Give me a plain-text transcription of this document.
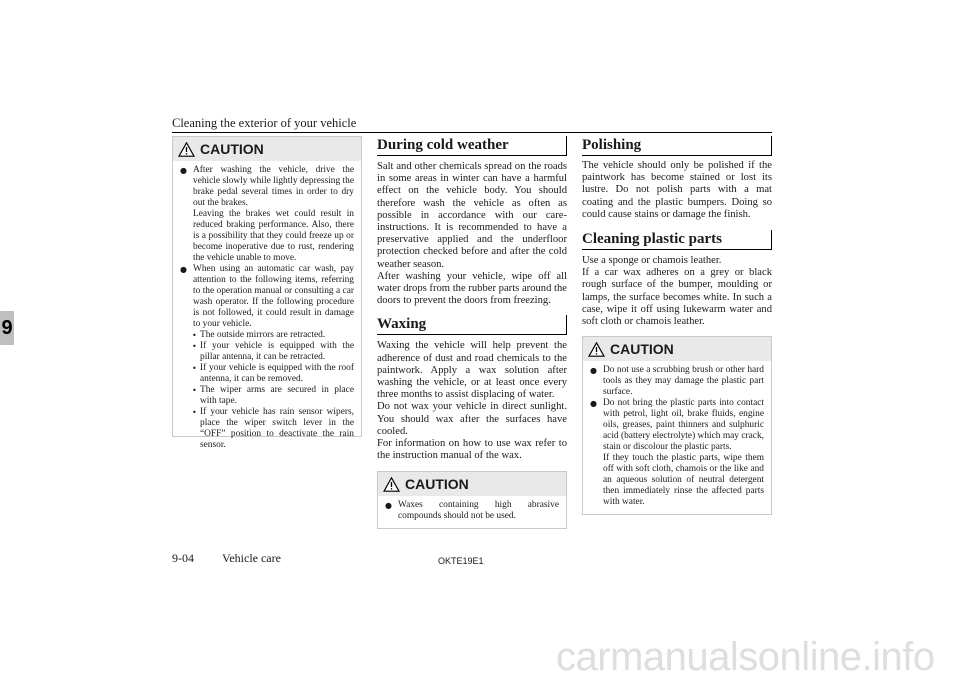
Cleaning the exterior of your vehicle
9
CAUTION

● After washing the vehicle, drive the vehicle slowly while lightly depressing the brake pedal several times in order to dry out the brakes.

Leaving the brakes wet could result in reduced braking performance. Also, there is a possibility that they could freeze up or become inoperative due to rust, rendering the vehicle unable to move.

● When using an automatic car wash, pay attention to the following items, referring to the operation manual or consulting a car wash operator. If the following procedure is not followed, it could result in damage to your vehicle.

• The outside mirrors are retracted.

• If your vehicle is equipped with the pillar antenna, it can be retracted.

• If your vehicle is equipped with the roof antenna, it can be removed.

• The wiper arms are secured in place with tape.

• If your vehicle has rain sensor wipers, place the wiper switch lever in the “OFF” position to deactivate the rain sensor.

During cold weather

Salt and other chemicals spread on the roads in some areas in winter can have a harmful effect on the vehicle body. You should therefore wash the vehicle as often as possible in accordance with our care-instructions. It is recommended to have a preservative applied and the underfloor protection checked before and after the cold weather season.

After washing your vehicle, wipe off all water drops from the rubber parts around the doors to prevent the doors from freezing.

Waxing

Waxing the vehicle will help prevent the adherence of dust and road chemicals to the paintwork. Apply a wax solution after washing the vehicle, or at least once every three months to assist displacing of water.

Do not wax your vehicle in direct sunlight. You should wax after the surfaces have cooled.

For information on how to use wax refer to the instruction manual of the wax.

CAUTION

● Waxes containing high abrasive compounds should not be used.

Polishing

The vehicle should only be polished if the paintwork has become stained or lost its lustre. Do not polish parts with a mat coating and the plastic bumpers. Doing so could cause stains or damage the finish.

Cleaning plastic parts

Use a sponge or chamois leather.

If a car wax adheres on a grey or black rough surface of the bumper, moulding or lamps, the surface becomes white. In such a case, wipe it off using lukewarm water and soft cloth or chamois leather.

CAUTION

● Do not use a scrubbing brush or other hard tools as they may damage the plastic part surface.

● Do not bring the plastic parts into contact with petrol, light oil, brake fluids, engine oils, greases, paint thinners and sulphuric acid (battery electrolyte) which may crack, stain or discolour the plastic parts.

If they touch the plastic parts, wipe them off with soft cloth, chamois or the like and an aqueous solution of neutral detergent then immediately rinse the affected parts with water.

9-04 Vehicle care	OKTE19E1
carmanualsonline.info
